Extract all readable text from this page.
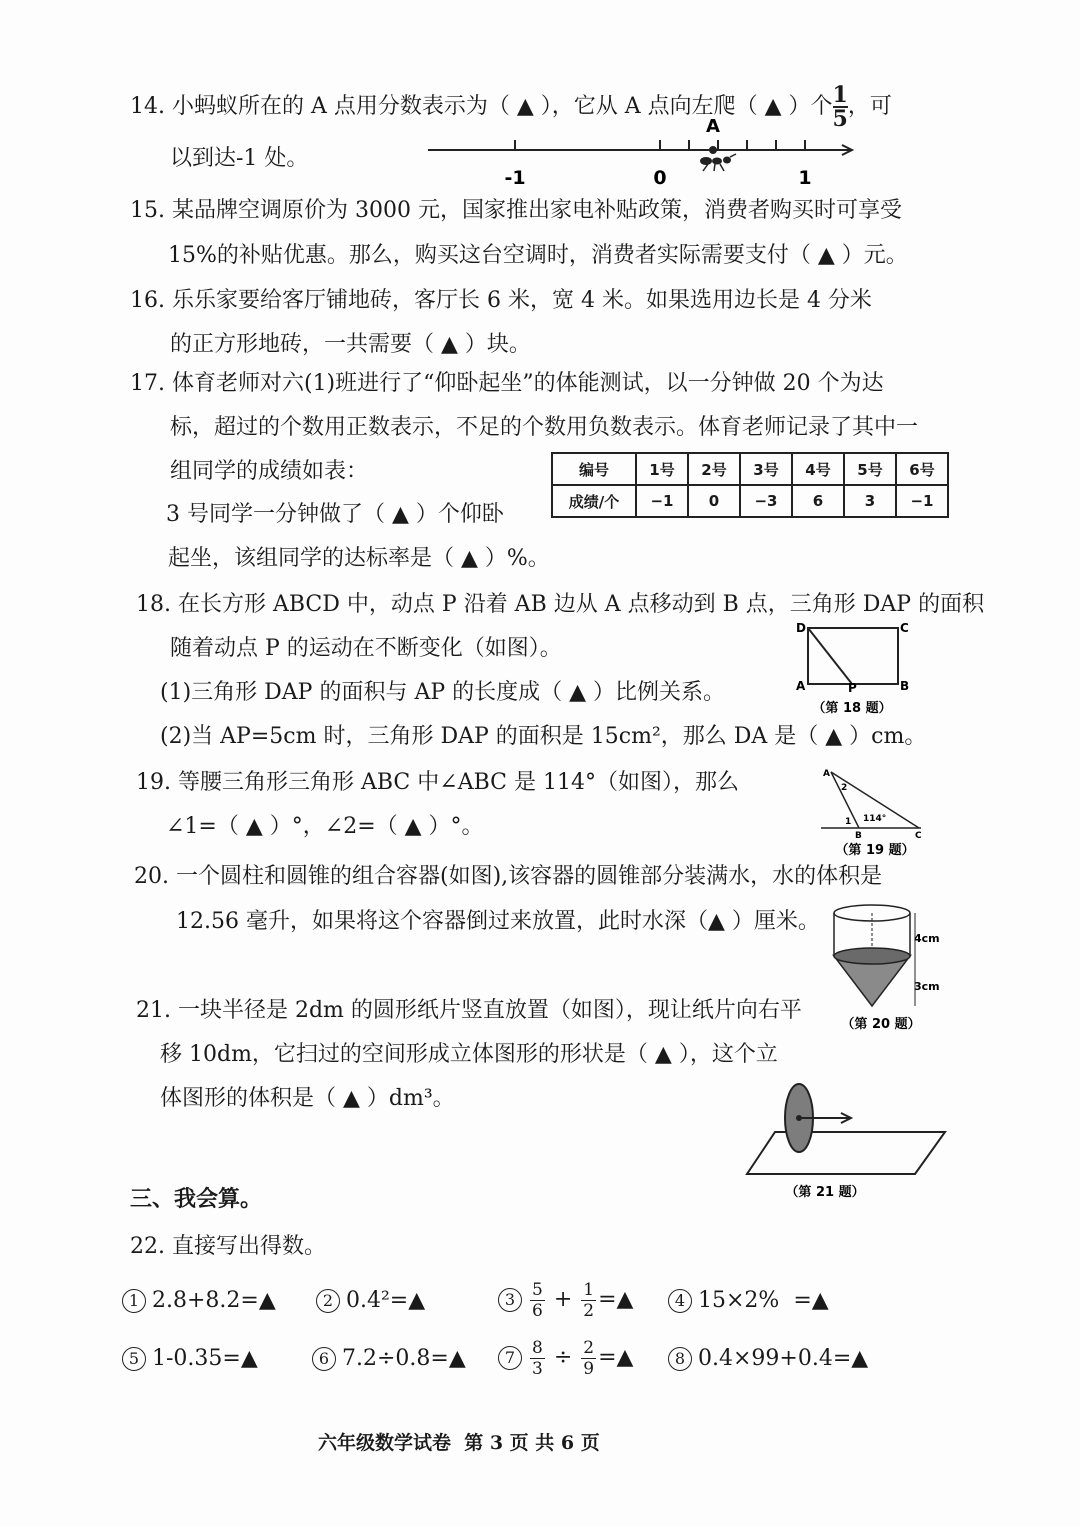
14. 小蚂蚁所在的 A 点用分数表示为（ ▲ ），它从 A 点向左爬（ ▲ ）个 $\frac{1}{5}$ ，可
以到达-1 处。
A
-1	0	1
15. 某品牌空调原价为 3000 元，国家推出家电补贴政策，消费者购买时可享受
15%的补贴优惠。那么，购买这台空调时，消费者实际需要支付（ ▲ ）元。
16. 乐乐家要给客厅铺地砖，客厅长 6 米，宽 4 米。如果选用边长是 4 分米
的正方形地砖，一共需要（ ▲ ）块。
17. 体育老师对六(1)班进行了“仰卧起坐”的体能测试，以一分钟做 20 个为达
标，超过的个数用正数表示，不足的个数用负数表示。体育老师记录了其中一
组同学的成绩如表：
3 号同学一分钟做了（ ▲ ）个仰卧
起坐，该组同学的达标率是（ ▲ ）%。
编号	1号	2号	3号	4号	5号	6号
成绩/个	−1	0	−3	6	3	−1
18. 在长方形 ABCD 中，动点 P 沿着 AB 边从 A 点移动到 B 点，三角形 DAP 的面积
随着动点 P 的运动在不断变化（如图）。
(1)三角形 DAP 的面积与 AP 的长度成（ ▲ ）比例关系。
(2)当 AP=5cm 时，三角形 DAP 的面积是 15cm²，那么 DA 是（ ▲ ）cm。
D	C
A	P	B
（第 18 题）
19. 等腰三角形三角形 ABC 中∠ABC 是 114°（如图），那么
∠1=（ ▲ ）°，∠2=（ ▲ ）°。
A
1
2
B	C
114°
（第 19 题）
20. 一个圆柱和圆锥的组合容器(如图),该容器的圆锥部分装满水，水的体积是
12.56 毫升，如果将这个容器倒过来放置，此时水深（▲ ）厘米。
4cm
3cm
（第 20 题）
21. 一块半径是 2dm 的圆形纸片竖直放置（如图），现让纸片向右平
移 10dm，它扫过的空间形成立体图形的形状是（ ▲ ），这个立
体图形的体积是（ ▲ ）dm³。
（第 21 题）
三、我会算。
22. 直接写出得数。
1 2.8+8.2=▲	2 0.4²=▲	$3 \frac{5}{6} + \frac{1}{2}$ =▲	4 15×2%  =▲
5 1-0.35=▲	6 7.2÷0.8=▲	$7 \frac{8}{3} \div \frac{2}{9}$ =▲	8 0.4×99+0.4=▲
六年级数学试卷  第 3 页 共 6 页
